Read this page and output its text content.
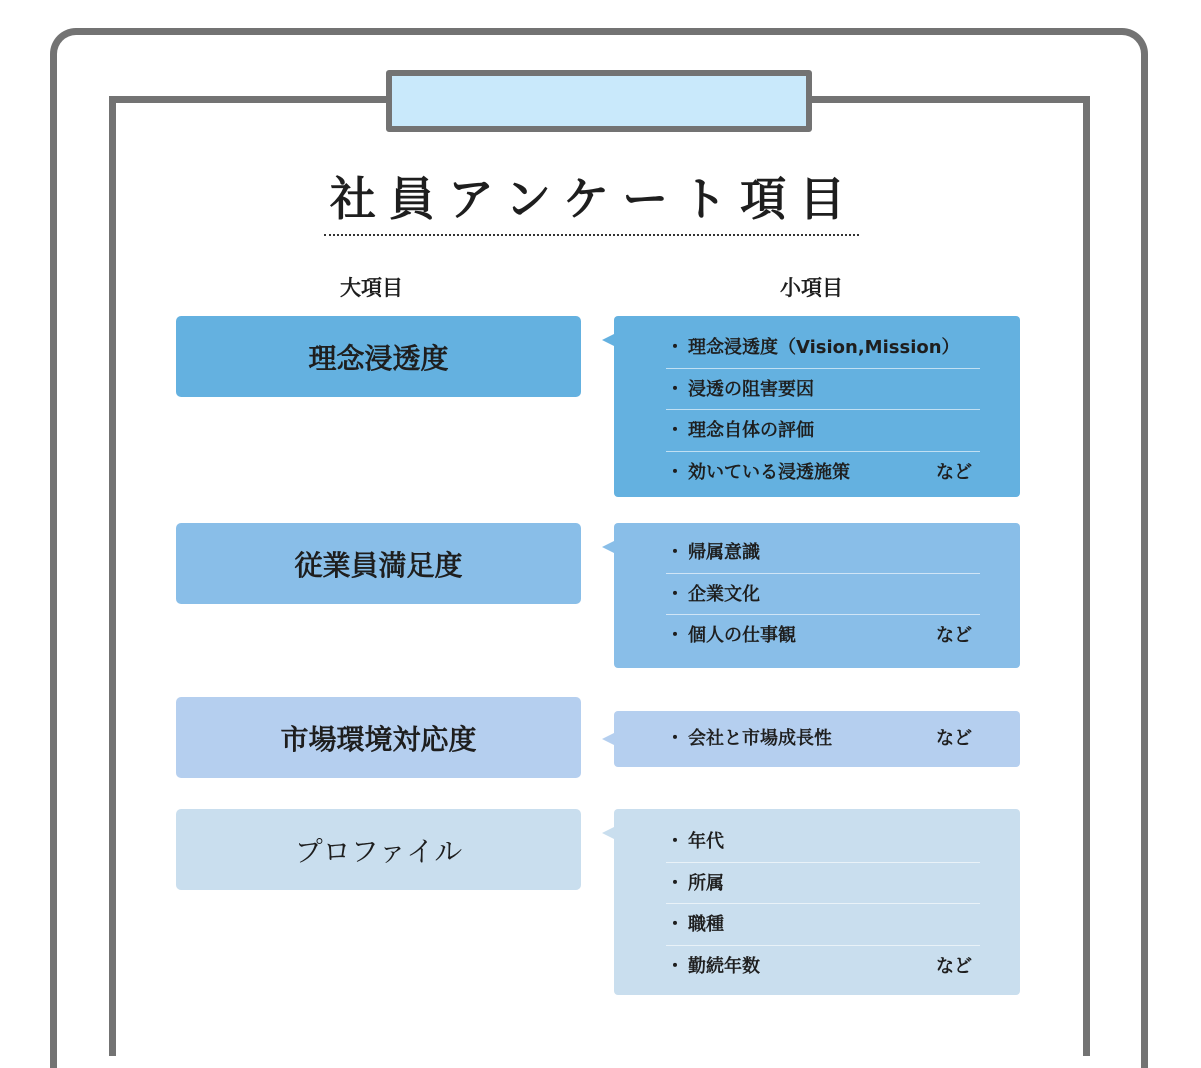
社員アンケート項目
大項目	小項目
理念浸透度	・ 理念浸透度（Vision,Mission）
・ 浸透の阻害要因
・ 理念自体の評価
・ 効いている浸透施策	など
従業員満足度	・ 帰属意識
・ 企業文化
・ 個人の仕事観	など
市場環境対応度	・ 会社と市場成長性	など
プロファイル	・ 年代
・ 所属
・ 職種
・ 勤続年数	など
